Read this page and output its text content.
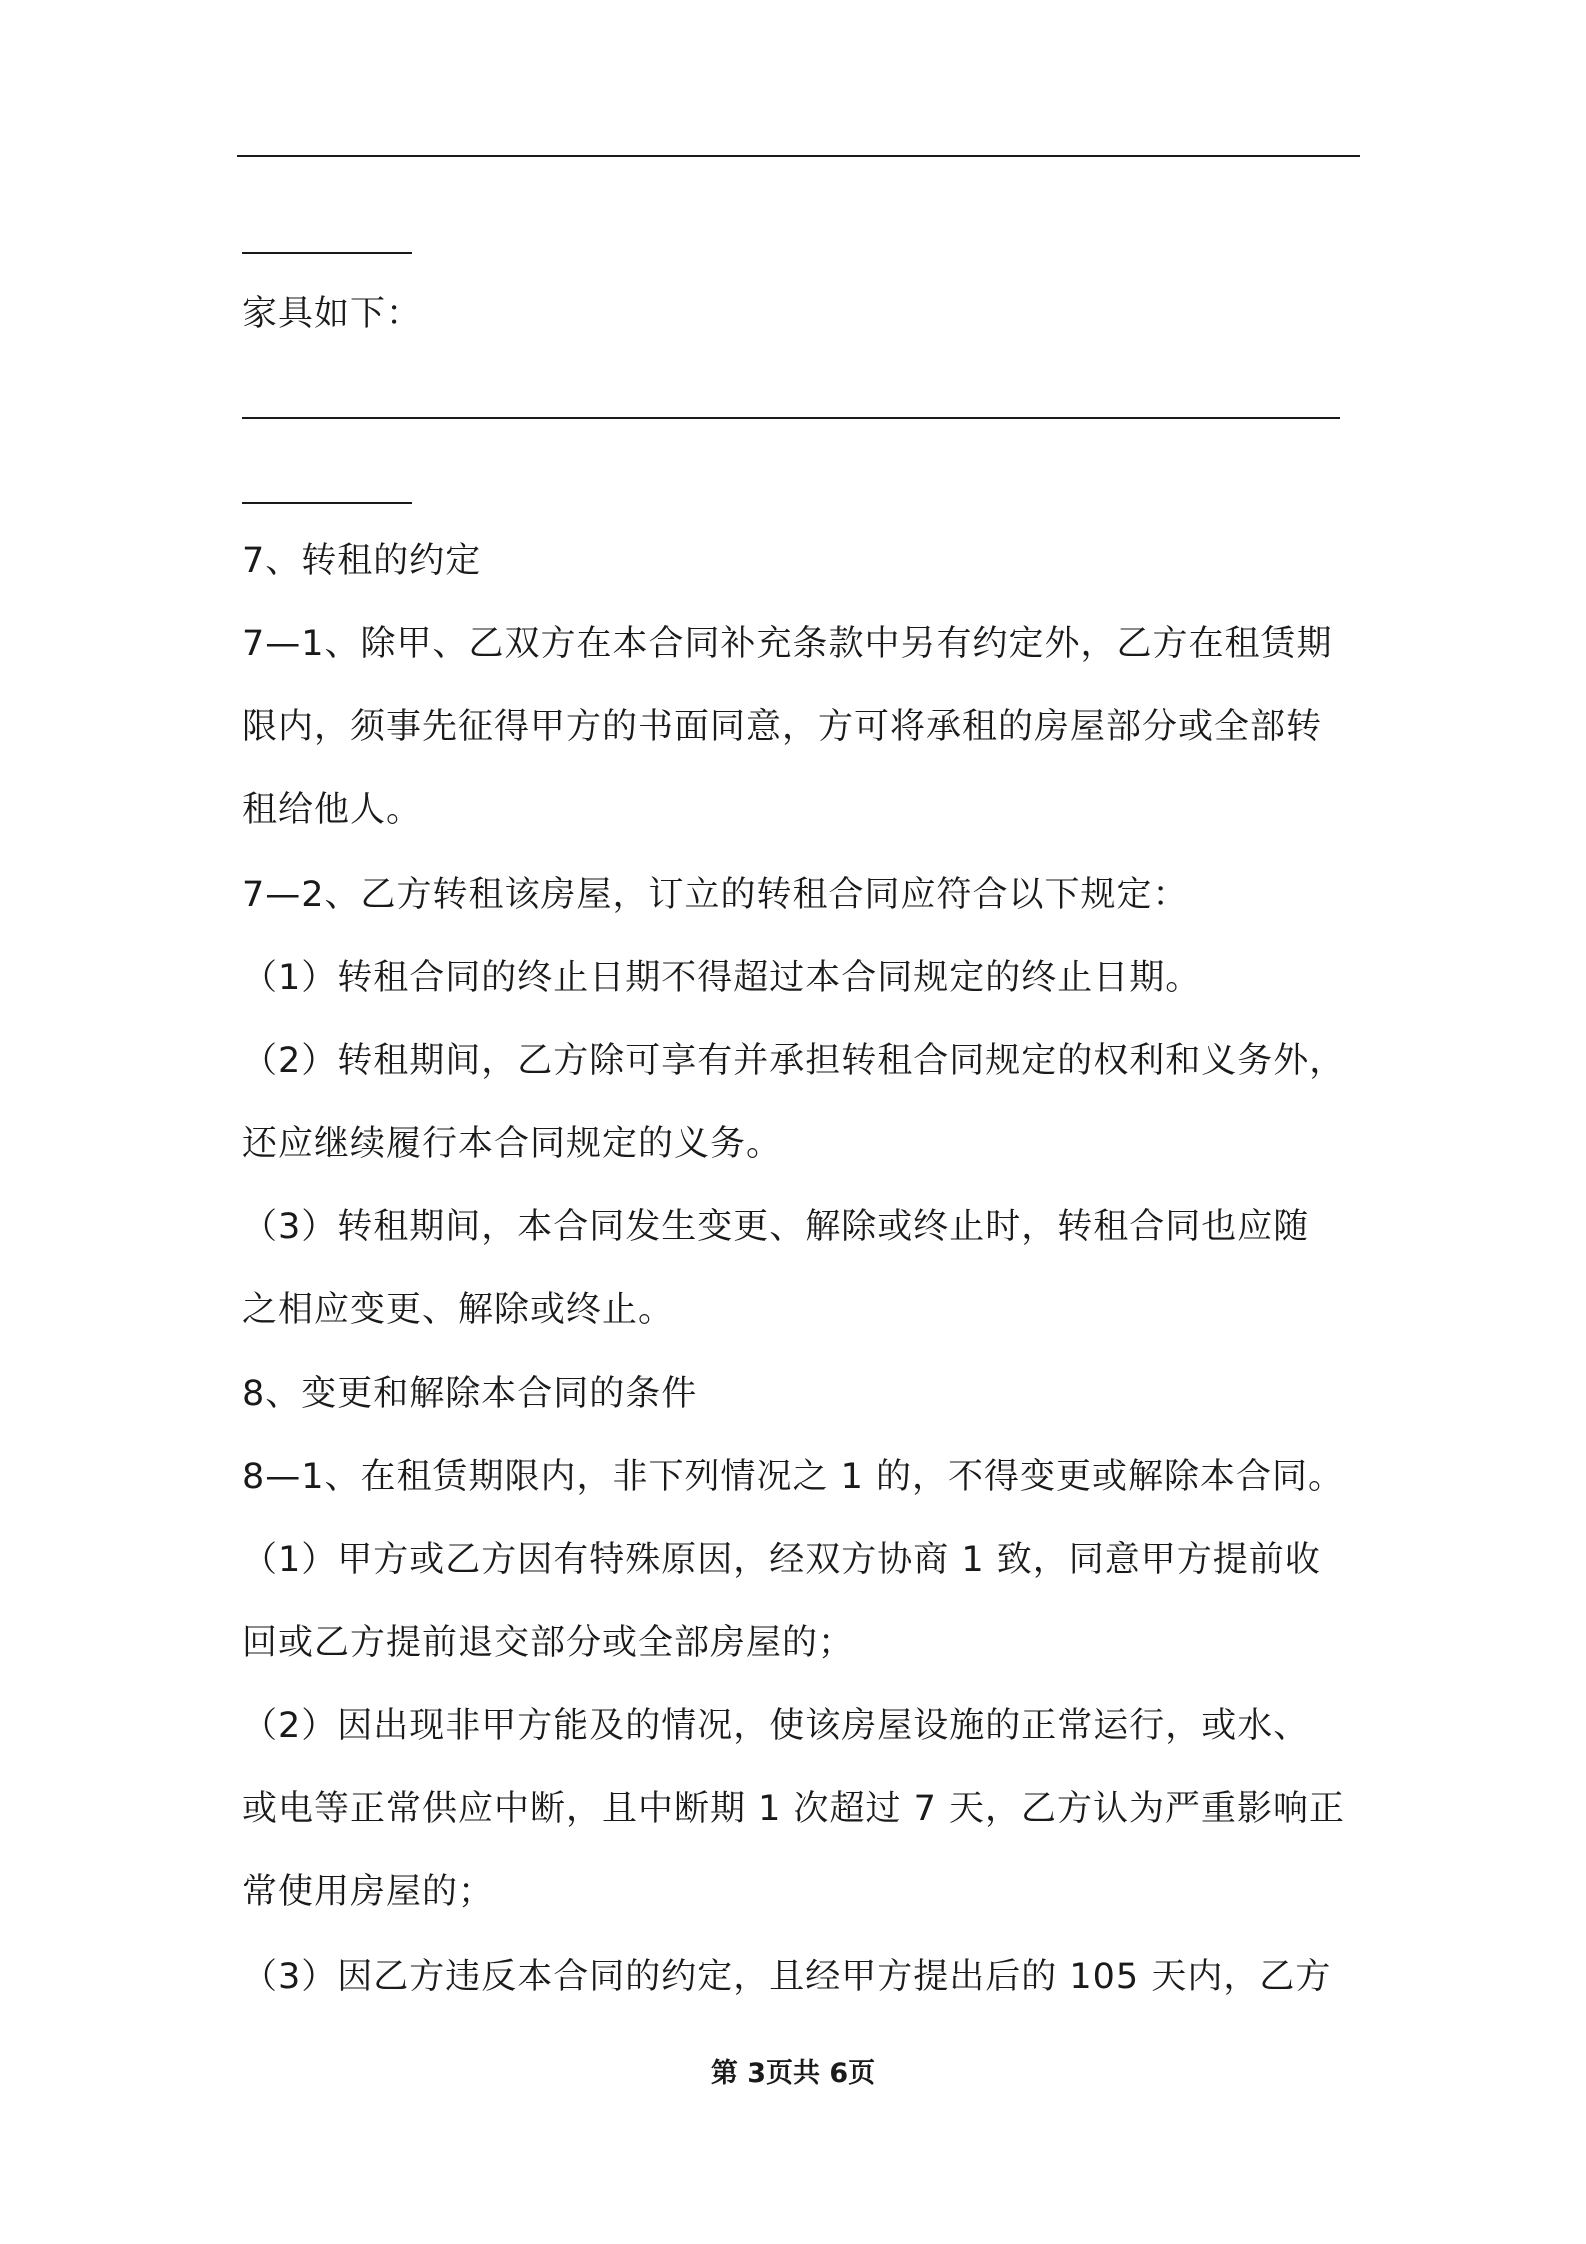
家具如下：
7、转租的约定
7—1、除甲、乙双方在本合同补充条款中另有约定外，乙方在租赁期
限内，须事先征得甲方的书面同意，方可将承租的房屋部分或全部转
租给他人。
7—2、乙方转租该房屋，订立的转租合同应符合以下规定：
（1）转租合同的终止日期不得超过本合同规定的终止日期。
（2）转租期间，乙方除可享有并承担转租合同规定的权利和义务外，
还应继续履行本合同规定的义务。
（3）转租期间，本合同发生变更、解除或终止时，转租合同也应随
之相应变更、解除或终止。
8、变更和解除本合同的条件
8—1、在租赁期限内，非下列情况之 1 的，不得变更或解除本合同。
（1）甲方或乙方因有特殊原因，经双方协商 1 致，同意甲方提前收
回或乙方提前退交部分或全部房屋的；
（2）因出现非甲方能及的情况，使该房屋设施的正常运行，或水、
或电等正常供应中断，且中断期 1 次超过 7 天，乙方认为严重影响正
常使用房屋的；
（3）因乙方违反本合同的约定，且经甲方提出后的 105 天内，乙方
第 3页共 6页
